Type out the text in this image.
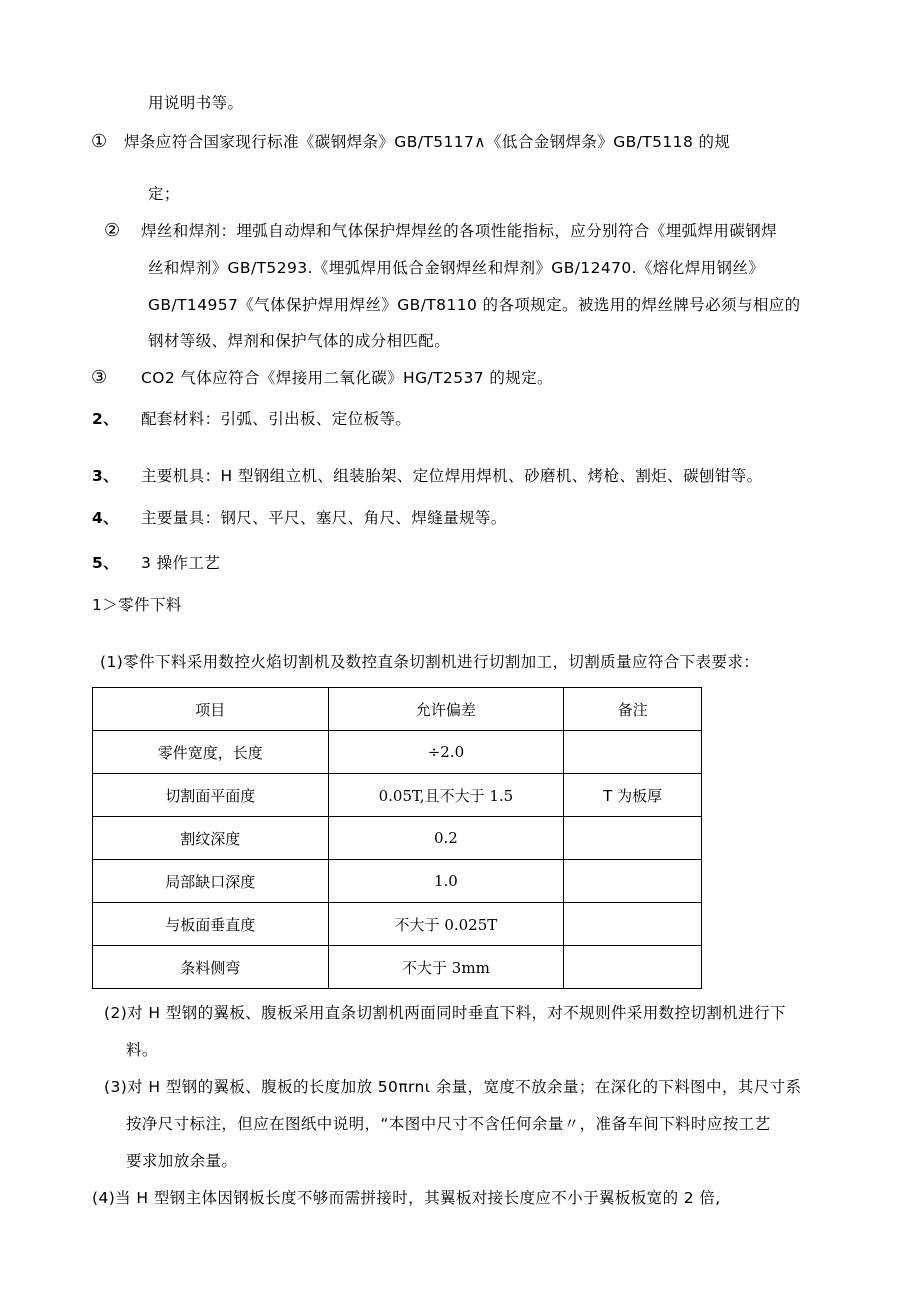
用说明书等。
① 焊条应符合国家现行标准《碳钢焊条》GB/T5117∧《低合金钢焊条》GB/T5118 的规
定；
② 焊丝和焊剂：埋弧自动焊和气体保护焊焊丝的各项性能指标，应分别符合《埋弧焊用碳钢焊
丝和焊剂》GB/T5293.《埋弧焊用低合金钢焊丝和焊剂》GB/12470.《熔化焊用钢丝》
GB/T14957《气体保护焊用焊丝》GB/T8110 的各项规定。被选用的焊丝牌号必须与相应的
钢材等级、焊剂和保护气体的成分相匹配。
③ CO2 气体应符合《焊接用二氧化碳》HG/T2537 的规定。
2、 配套材料：引弧、引出板、定位板等。
3、 主要机具：H 型钢组立机、组装胎架、定位焊用焊机、砂磨机、烤枪、割炬、碳刨钳等。
4、 主要量具：钢尺、平尺、塞尺、角尺、焊缝量规等。
5、 3 操作工艺
1＞零件下料
(1)零件下料采用数控火焰切割机及数控直条切割机进行切割加工，切割质量应符合下表要求：
项目	允许偏差	备注
零件宽度，长度	÷2.0	
切割面平面度	0.05T,且不大于 1.5	T 为板厚
割纹深度	0.2	
局部缺口深度	1.0	
与板面垂直度	不大于 0.025T	
条料侧弯	不大于 3mm	
(2)对 H 型钢的翼板、腹板采用直条切割机两面同时垂直下料，对不规则件采用数控切割机进行下
料。
(3)对 H 型钢的翼板、腹板的长度加放 50πrnι 余量，宽度不放余量；在深化的下料图中，其尺寸系
按净尺寸标注，但应在图纸中说明，“本图中尺寸不含任何余量〃，准备车间下料时应按工艺
要求加放余量。
(4)当 H 型钢主体因钢板长度不够而需拼接时，其翼板对接长度应不小于翼板板宽的 2 倍,
